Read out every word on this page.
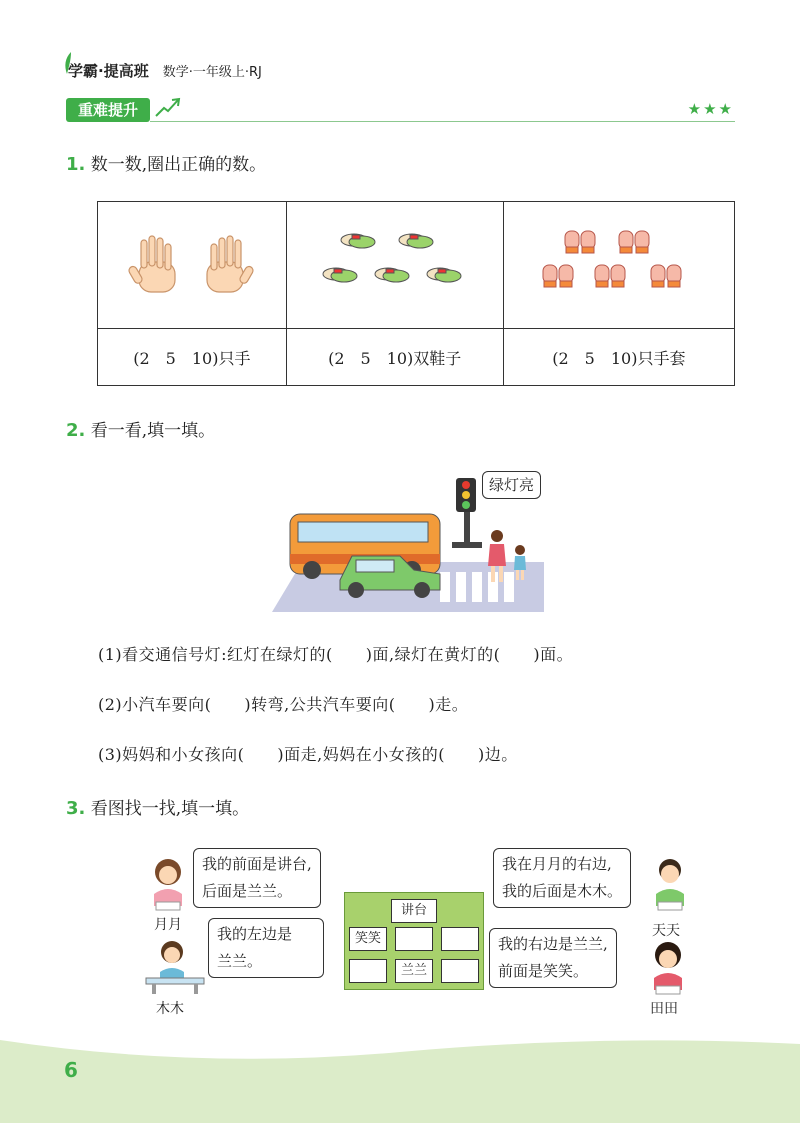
学霸·提高班 数学·一年级上·RJ
重难提升	★★★
1. 数一数,圈出正确的数。

(2　5　10)只手	(2　5　10)双鞋子	(2　5　10)只手套
2. 看一看,填一填。
绿灯亮
(1)看交通信号灯:红灯在绿灯的(　　)面,绿灯在黄灯的(　　)面。
(2)小汽车要向(　　)转弯,公共汽车要向(　　)走。
(3)妈妈和小女孩向(　　)面走,妈妈在小女孩的(　　)边。
3. 看图找一找,填一填。
月月
我的前面是讲台,
后面是兰兰。
木木
我的左边是
兰兰。
讲台
笑笑
兰兰
我在月月的右边,
我的后面是木木。
天天
我的右边是兰兰,
前面是笑笑。
田田
6
